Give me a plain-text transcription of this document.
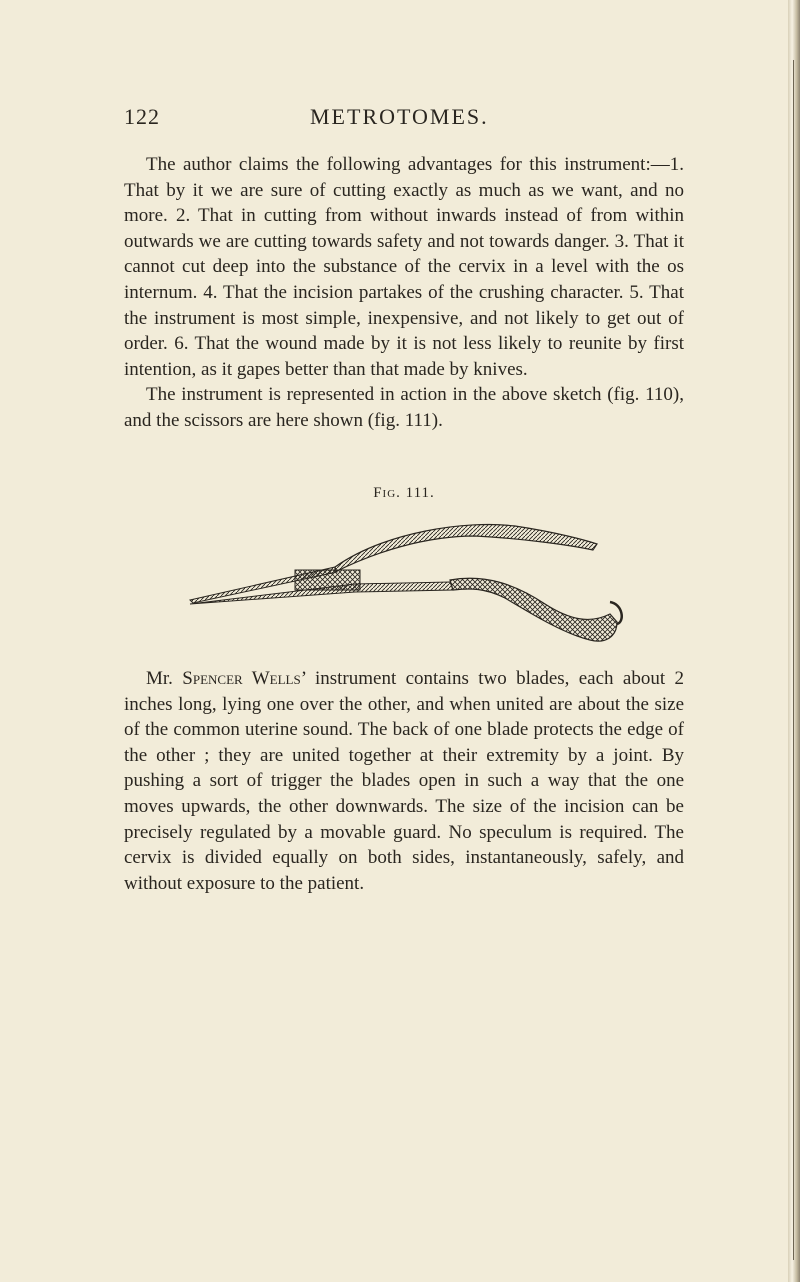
122	METROTOMES.

The author claims the following advantages for this instrument:—1. That by it we are sure of cutting exactly as much as we want, and no more. 2. That in cutting from without inwards instead of from within outwards we are cutting towards safety and not towards danger. 3. That it cannot cut deep into the substance of the cervix in a level with the os internum. 4. That the incision partakes of the crushing character. 5. That the instrument is most simple, inexpensive, and not likely to get out of order. 6. That the wound made by it is not less likely to reunite by first intention, as it gapes better than that made by knives.

The instrument is represented in action in the above sketch (fig. 110), and the scissors are here shown (fig. 111).

Fig. 111.

Mr. Spencer Wells’ instrument contains two blades, each about 2 inches long, lying one over the other, and when united are about the size of the common uterine sound. The back of one blade protects the edge of the other ; they are united together at their extremity by a joint. By pushing a sort of trigger the blades open in such a way that the one moves upwards, the other downwards. The size of the incision can be precisely regulated by a movable guard. No speculum is required. The cervix is divided equally on both sides, instantaneously, safely, and without exposure to the patient.
